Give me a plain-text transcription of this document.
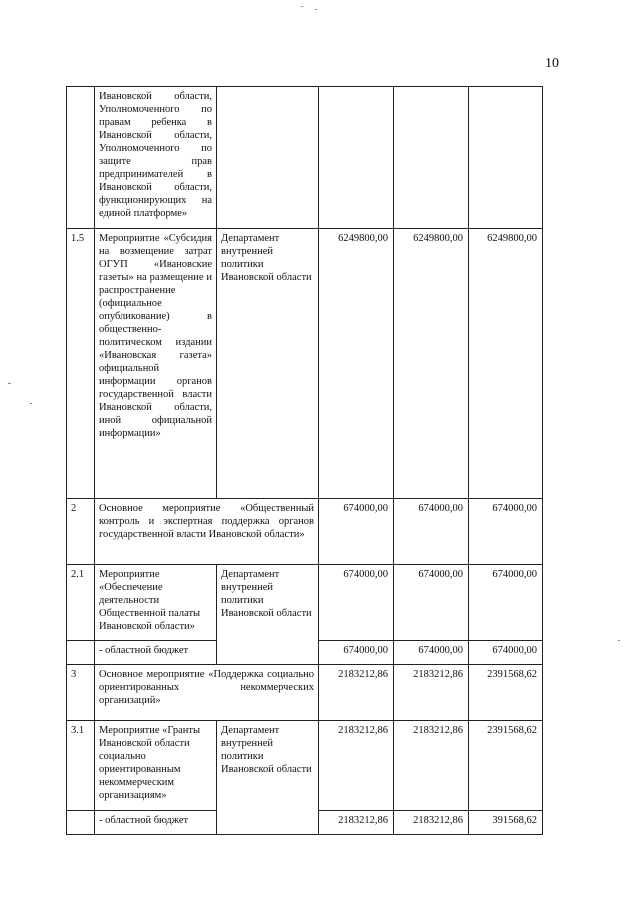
10
	Ивановской области, Уполномоченного по правам ребенка в Ивановской области, Уполномоченного по защите прав предпринимателей в Ивановской области, функционирующих на единой платформе»				
1.5	Мероприятие «Субсидия на возмещение затрат ОГУП «Ивановские газеты» на размещение и распространение (официальное опубликование) в общественно-политическом издании «Ивановская газета» официальной информации органов государственной власти Ивановской области, иной официальной информации»	Департамент внутренней политики Ивановской области	6249800,00	6249800,00	6249800,00
2	Основное мероприятие «Общественный контроль и экспертная поддержка органов государственной власти Ивановской области»		674000,00	674000,00	674000,00
2.1	Мероприятие «Обеспечение деятельности Общественной палаты Ивановской области»	Департамент внутренней политики Ивановской области	674000,00	674000,00	674000,00
	- областной бюджет		674000,00	674000,00	674000,00
3	Основное мероприятие «Поддержка социально ориентированных некоммерческих организаций»		2183212,86	2183212,86	2391568,62
3.1	Мероприятие «Гранты Ивановской области социально ориентированным некоммерческим организациям»	Департамент внутренней политики Ивановской области	2183212,86	2183212,86	2391568,62
	- областной бюджет		2183212,86	2183212,86	391568,62
